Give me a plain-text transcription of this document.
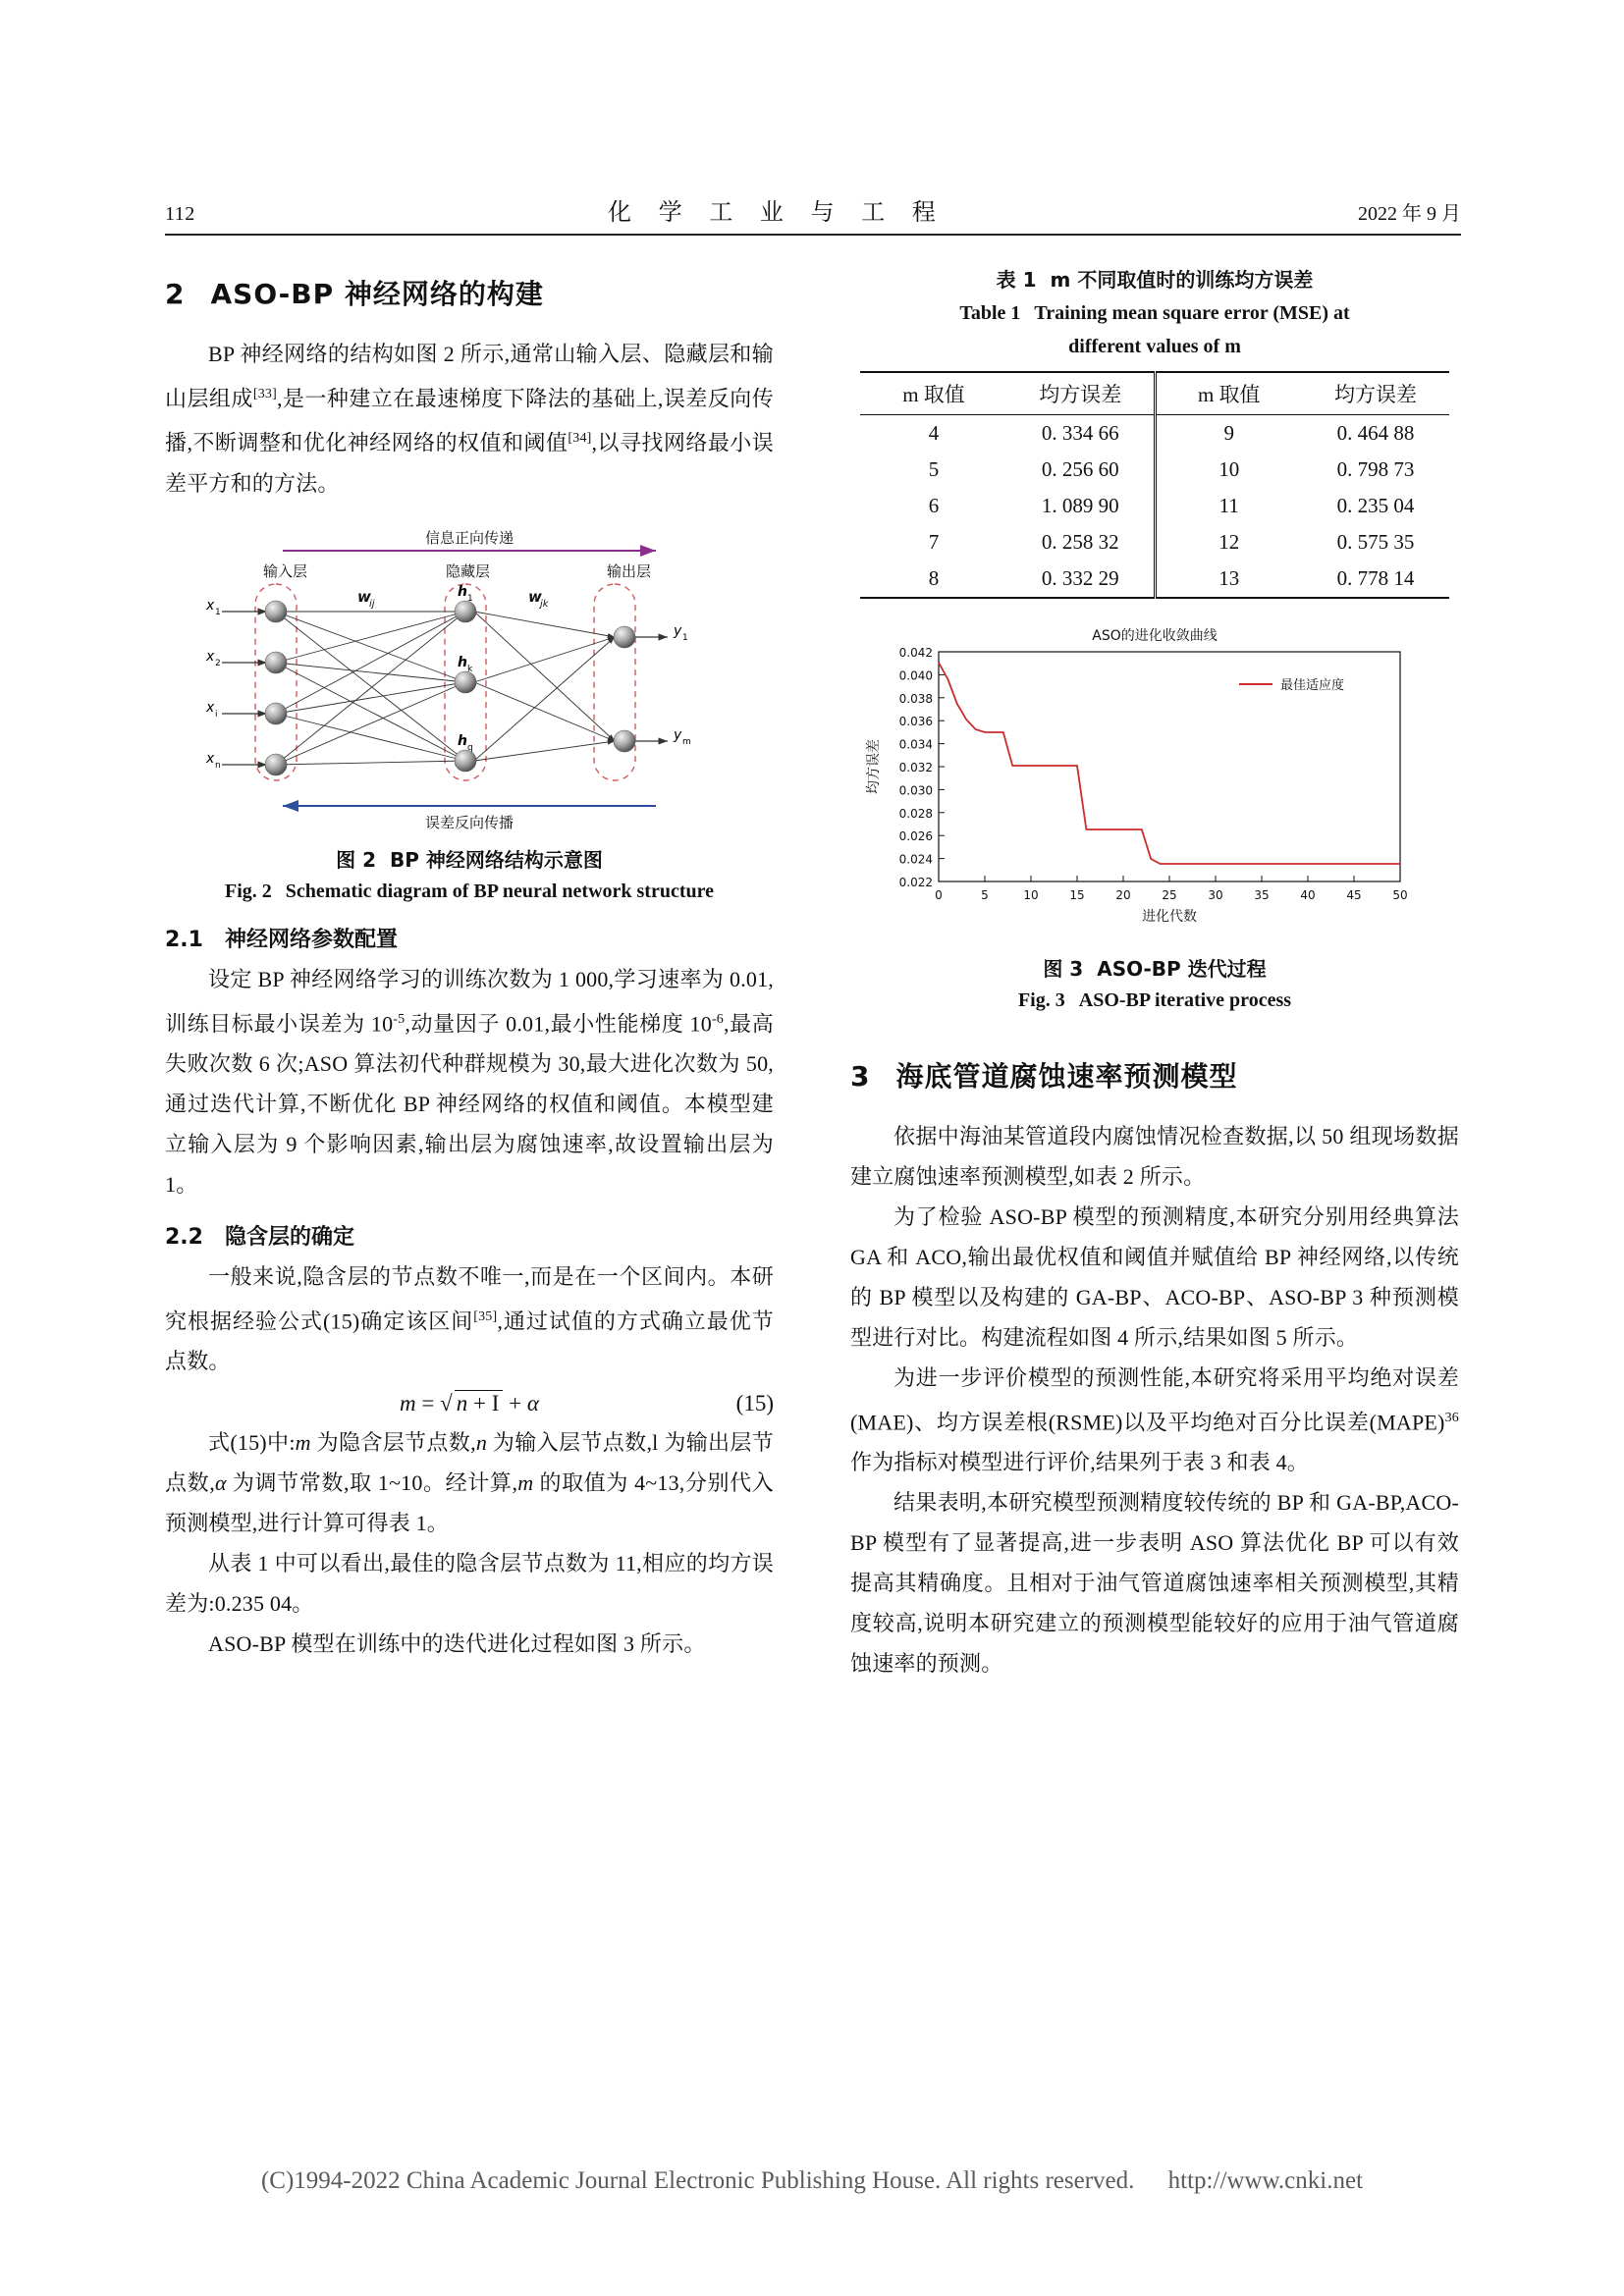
112	化 学 工 业 与 工 程	2022 年 9 月
2 ASO-BP 神经网络的构建

BP 神经网络的结构如图 2 所示,通常山输入层、隐藏层和输山层组成[33],是一种建立在最速梯度下降法的基础上,误差反向传播,不断调整和优化神经网络的权值和阈值[34],以寻找网络最小误差平方和的方法。

信息正向传递
输入层	隐藏层	输出层
w
ij	w
jk
x 1
x 2
x i
x n
y 1
y m
h 1
h k
h q
误差反向传播
图 2 BP 神经网络结构示意图
Fig. 2 Schematic diagram of BP neural network structure
2.1 神经网络参数配置

设定 BP 神经网络学习的训练次数为 1 000,学习速率为 0.01,训练目标最小误差为 $10^{-5}$,动量因子 0.01,最小性能梯度 $10^{-6}$,最高失败次数 6 次;ASO 算法初代种群规模为 30,最大进化次数为 50,通过迭代计算,不断优化 BP 神经网络的权值和阈值。本模型建立输入层为 9 个影响因素,输出层为腐蚀速率,故设置输出层为 1。

2.2 隐含层的确定

一般来说,隐含层的节点数不唯一,而是在一个区间内。本研究根据经验公式(15)确定该区间[35],通过试值的方式确立最优节点数。

m = √ n + I + α	(15)

式(15)中:m 为隐含层节点数,n 为输入层节点数,l 为输出层节点数,α 为调节常数,取 1~10。经计算,m 的取值为 4~13,分别代入预测模型,进行计算可得表 1。

从表 1 中可以看出,最佳的隐含层节点数为 11,相应的均方误差为:0.235 04。

ASO-BP 模型在训练中的迭代进化过程如图 3 所示。

表 1 m 不同取值时的训练均方误差
Table 1 Training mean square error (MSE) at
different values of m
m 取值	均方误差	m 取值	均方误差
4	0. 334 66	9	0. 464 88
5	0. 256 60	10	0. 798 73
6	1. 089 90	11	0. 235 04
7	0. 258 32	12	0. 575 35
8	0. 332 29	13	0. 778 14
ASO的进化收敛曲线
0.042
0.040
0.038
0.036
0.034
0.032
0.030
0.028
0.026
0.024
0.022
0	5	10	15	20	25	30	35	40	45	50
进化代数
均方误差
最佳适应度
图 3 ASO-BP 迭代过程
Fig. 3 ASO-BP iterative process
3 海底管道腐蚀速率预测模型

依据中海油某管道段内腐蚀情况检查数据,以 50 组现场数据建立腐蚀速率预测模型,如表 2 所示。

为了检验 ASO-BP 模型的预测精度,本研究分别用经典算法 GA 和 ACO,输出最优权值和阈值并赋值给 BP 神经网络,以传统的 BP 模型以及构建的 GA-BP、ACO-BP、ASO-BP 3 种预测模型进行对比。构建流程如图 4 所示,结果如图 5 所示。

为进一步评价模型的预测性能,本研究将采用平均绝对误差(MAE)、均方误差根(RSME)以及平均绝对百分比误差(MAPE)$^{36}$ 作为指标对模型进行评价,结果列于表 3 和表 4。

结果表明,本研究模型预测精度较传统的 BP 和 GA-BP,ACO-BP 模型有了显著提高,进一步表明 ASO 算法优化 BP 可以有效提高其精确度。且相对于油气管道腐蚀速率相关预测模型,其精度较高,说明本研究建立的预测模型能较好的应用于油气管道腐蚀速率的预测。

(C)1994-2022 China Academic Journal Electronic Publishing House. All rights reserved. http://www.cnki.net
